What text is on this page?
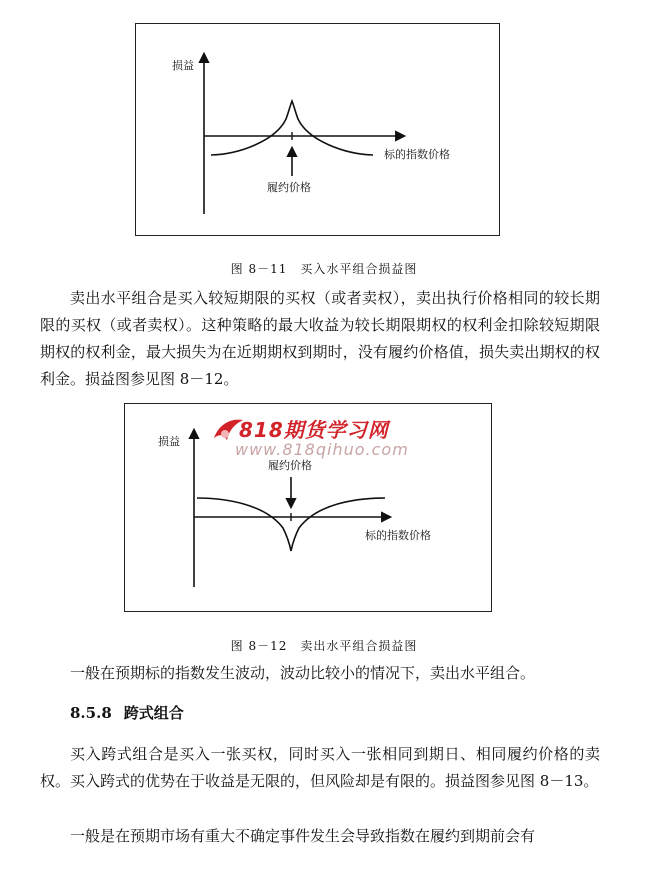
损益
标的指数价格
履约价格
图 8－11　买入水平组合损益图

卖出水平组合是买入较短期限的买权（或者卖权），卖出执行价格相同的较长期限的买权（或者卖权）。这种策略的最大收益为较长期限期权的权利金扣除较短期限期权的权利金，最大损失为在近期期权到期时，没有履约价格值，损失卖出期权的权利金。损益图参见图 8－12。

损益
标的指数价格
履约价格
818期货学习网
www.818qihuo.com
图 8－12　卖出水平组合损益图

一般在预期标的指数发生波动，波动比较小的情况下，卖出水平组合。

8.5.8 跨式组合

买入跨式组合是买入一张买权，同时买入一张相同到期日、相同履约价格的卖权。买入跨式的优势在于收益是无限的，但风险却是有限的。损益图参见图 8－13。

一般是在预期市场有重大不确定事件发生会导致指数在履约到期前会有
